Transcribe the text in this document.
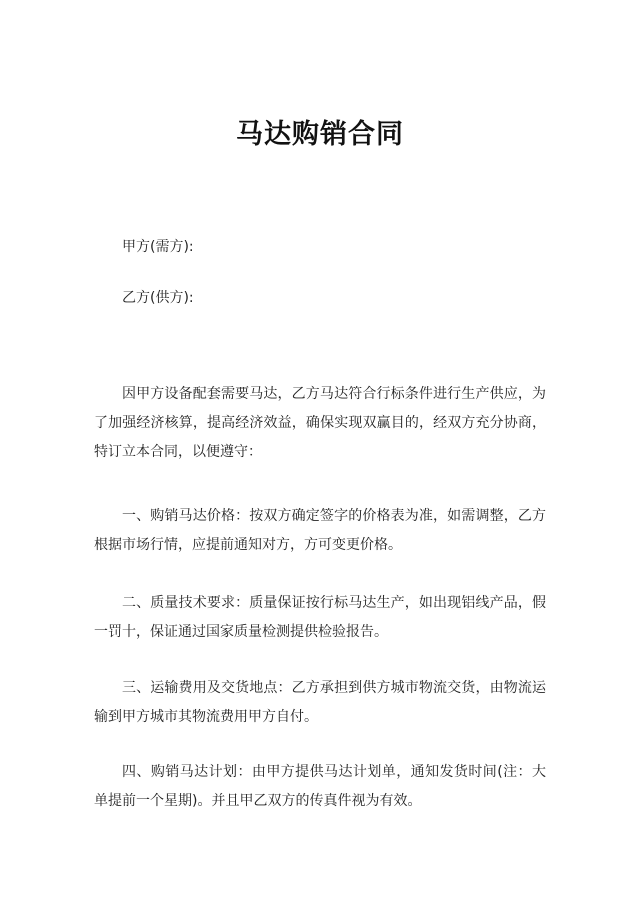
马达购销合同
甲方(需方):
乙方(供方):
因甲方设备配套需要马达，乙方马达符合行标条件进行生产供应，为了加强经济核算，提高经济效益，确保实现双赢目的，经双方充分协商，特订立本合同，以便遵守：
一、购销马达价格：按双方确定签字的价格表为准，如需调整，乙方根据市场行情，应提前通知对方，方可变更价格。
二、质量技术要求：质量保证按行标马达生产，如出现铝线产品，假一罚十，保证通过国家质量检测提供检验报告。
三、运输费用及交货地点：乙方承担到供方城市物流交货，由物流运输到甲方城市其物流费用甲方自付。
四、购销马达计划：由甲方提供马达计划单，通知发货时间(注：大单提前一个星期)。并且甲乙双方的传真件视为有效。
